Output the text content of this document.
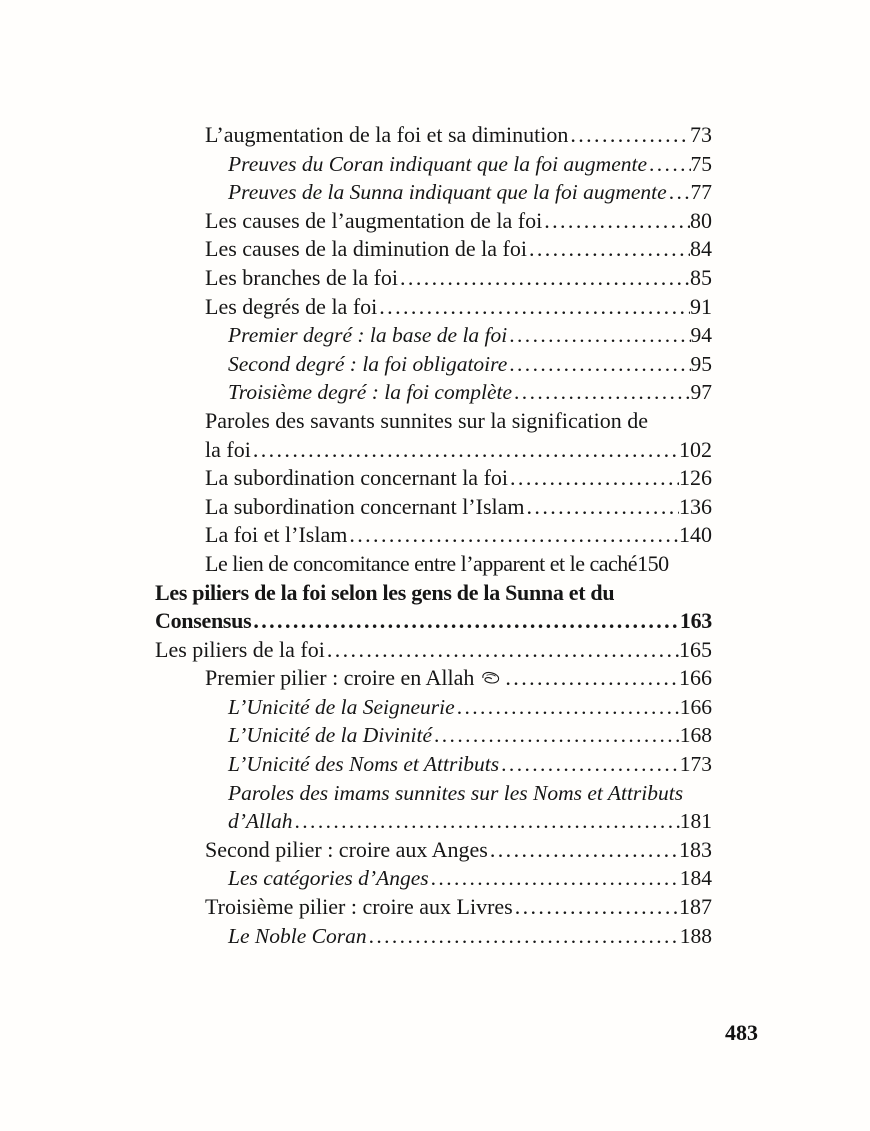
L’augmentation de la foi et sa diminution .....	73
Preuves du Coran indiquant que la foi augmente ..... 75
Preuves de la Sunna indiquant que la foi augmente ..... 77
Les causes de l’augmentation de la foi .....	80
Les causes de la diminution de la foi .....	84
Les branches de la foi .....	85
Les degrés de la foi .....	91
Premier degré : la base de la foi .....	94
Second degré : la foi obligatoire .....	95
Troisième degré : la foi complète .....	97
Paroles des savants sunnites sur la signification de
la foi .....	102
La subordination concernant la foi .....	126
La subordination concernant l’Islam .....	136
La foi et l’Islam .....	140
Le lien de concomitance entre l’apparent et le caché 150
Les piliers de la foi selon les gens de la Sunna et du
Consensus .....	163
Les piliers de la foi .....	165
Premier pilier : croire en Allah .....	166
L’Unicité de la Seigneurie .....	166
L’Unicité de la Divinité .....	168
L’Unicité des Noms et Attributs .....	173
Paroles des imams sunnites sur les Noms et Attributs
d’Allah .....	181
Second pilier : croire aux Anges .....	183
Les catégories d’Anges .....	184
Troisième pilier : croire aux Livres .....	187
Le Noble Coran .....	188
483
